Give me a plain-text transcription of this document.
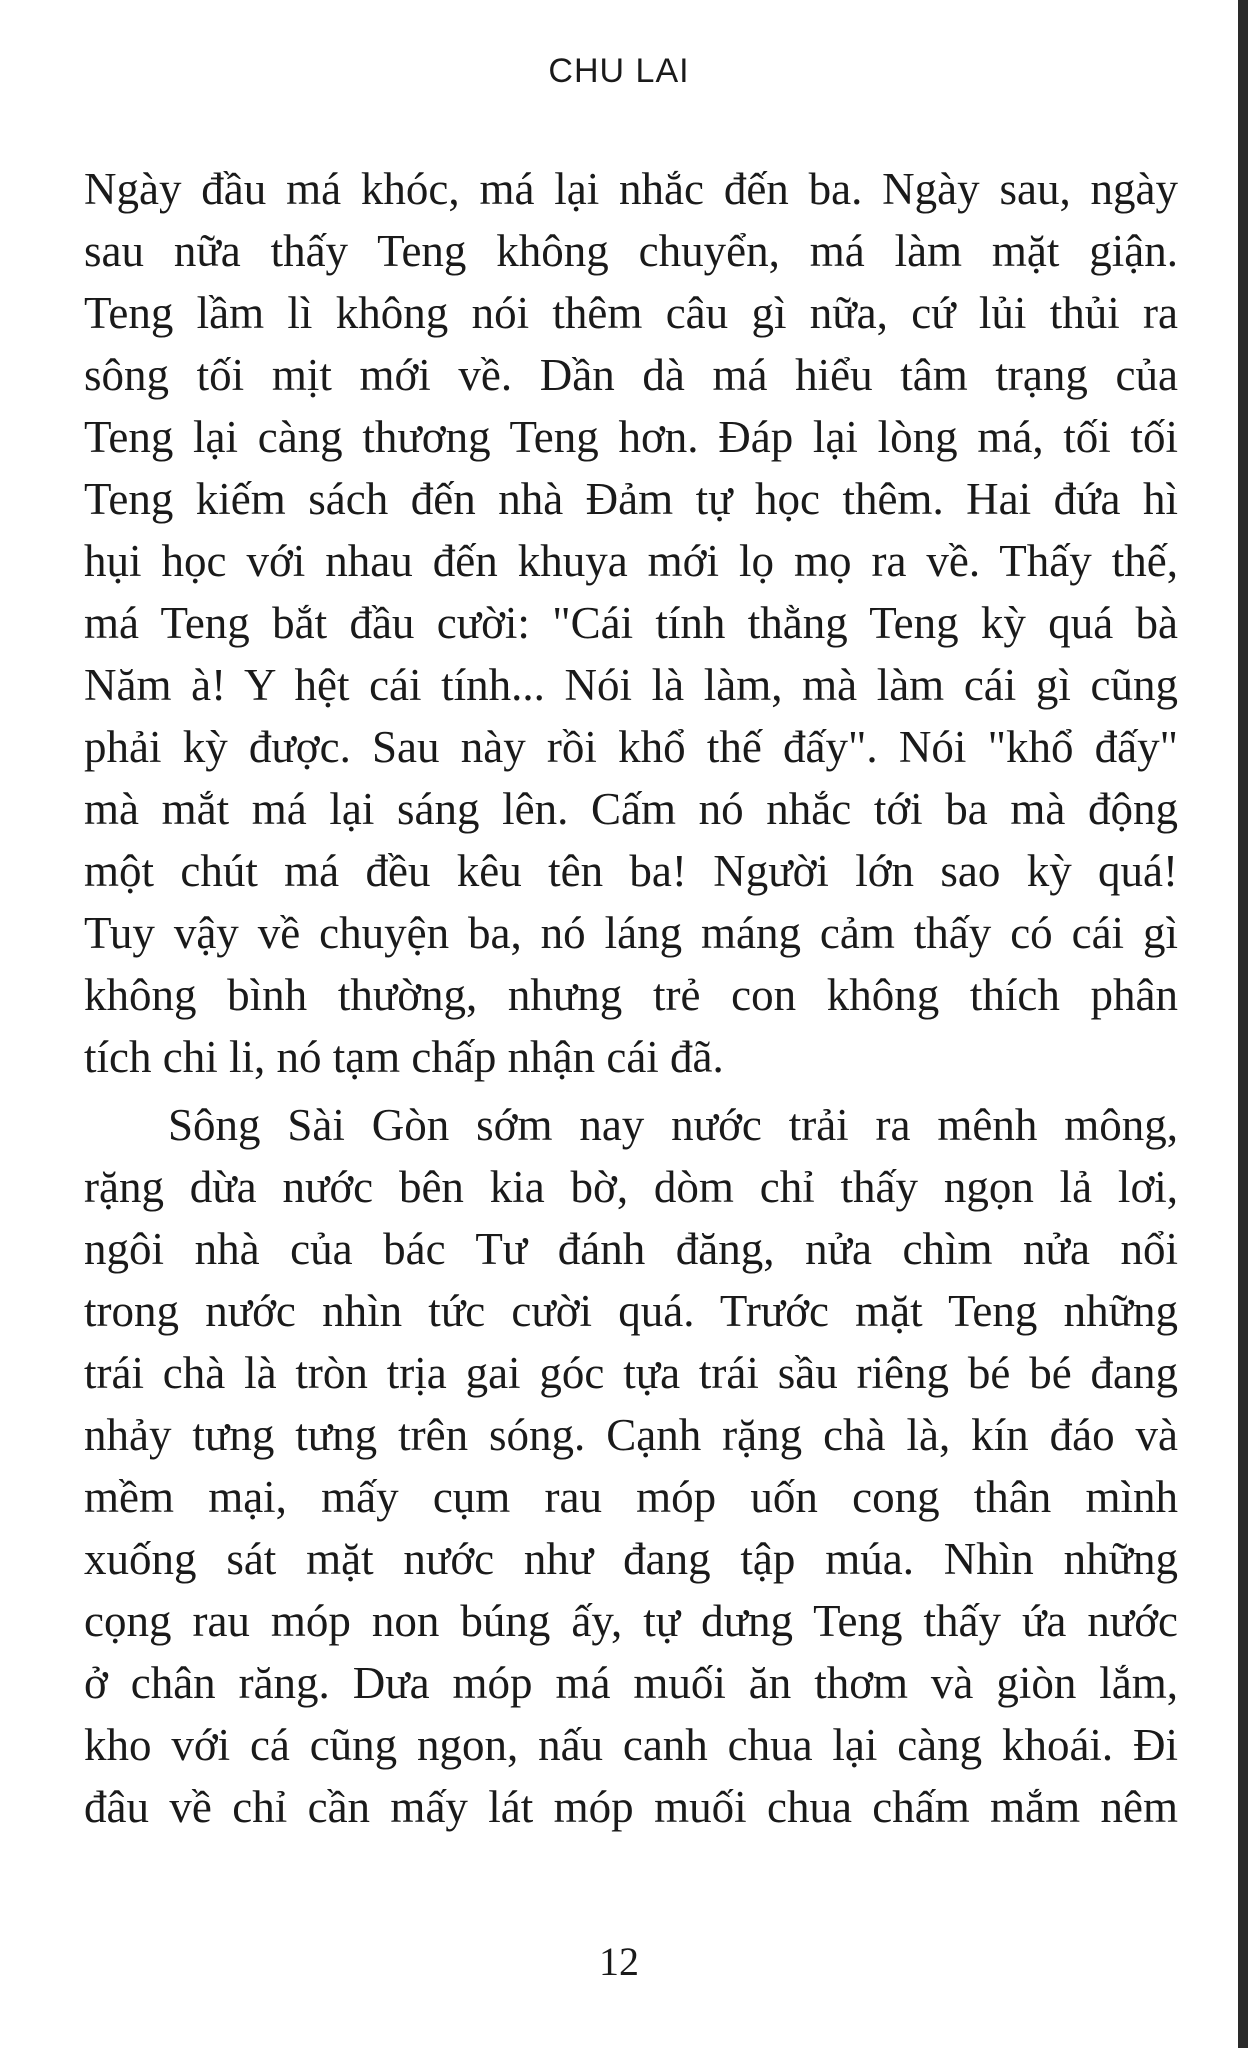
CHU LAI

Ngày đầu má khóc, má lại nhắc đến ba. Ngày sau, ngày
sau nữa thấy Teng không chuyển, má làm mặt giận.
Teng lầm lì không nói thêm câu gì nữa, cứ lủi thủi ra
sông tối mịt mới về. Dần dà má hiểu tâm trạng của
Teng lại càng thương Teng hơn. Đáp lại lòng má, tối tối
Teng kiếm sách đến nhà Đảm tự học thêm. Hai đứa hì
hụi học với nhau đến khuya mới lọ mọ ra về. Thấy thế,
má Teng bắt đầu cười: "Cái tính thằng Teng kỳ quá bà
Năm à! Y hệt cái tính... Nói là làm, mà làm cái gì cũng
phải kỳ được. Sau này rồi khổ thế đấy". Nói "khổ đấy"
mà mắt má lại sáng lên. Cấm nó nhắc tới ba mà động
một chút má đều kêu tên ba! Người lớn sao kỳ quá!
Tuy vậy về chuyện ba, nó láng máng cảm thấy có cái gì
không bình thường, nhưng trẻ con không thích phân
tích chi li, nó tạm chấp nhận cái đã.

Sông Sài Gòn sớm nay nước trải ra mênh mông,
rặng dừa nước bên kia bờ, dòm chỉ thấy ngọn lả lơi,
ngôi nhà của bác Tư đánh đăng, nửa chìm nửa nổi
trong nước nhìn tức cười quá. Trước mặt Teng những
trái chà là tròn trịa gai góc tựa trái sầu riêng bé bé đang
nhảy tưng tưng trên sóng. Cạnh rặng chà là, kín đáo và
mềm mại, mấy cụm rau móp uốn cong thân mình
xuống sát mặt nước như đang tập múa. Nhìn những
cọng rau móp non búng ấy, tự dưng Teng thấy ứa nước
ở chân răng. Dưa móp má muối ăn thơm và giòn lắm,
kho với cá cũng ngon, nấu canh chua lại càng khoái. Đi
đâu về chỉ cần mấy lát móp muối chua chấm mắm nêm

12
